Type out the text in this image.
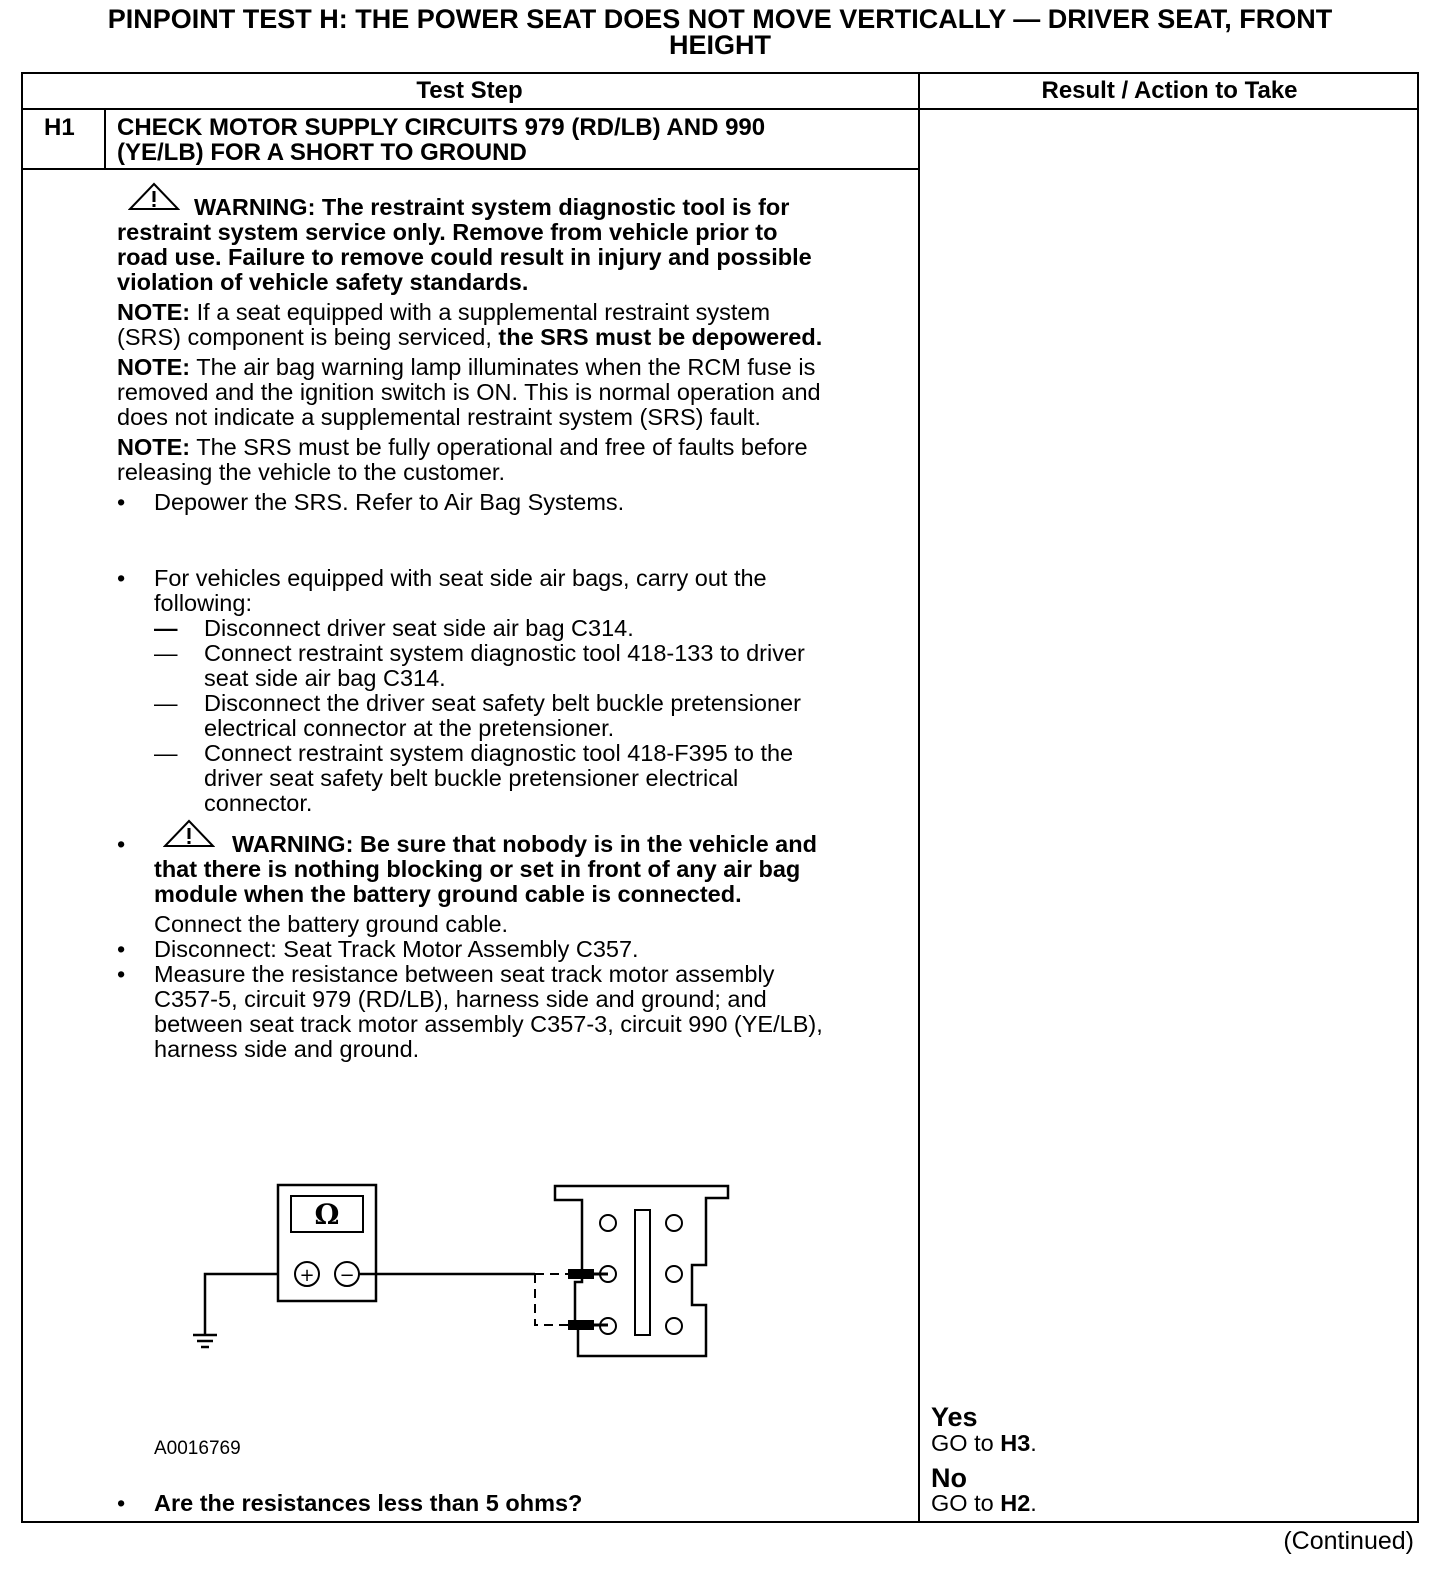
PINPOINT TEST H: THE POWER SEAT DOES NOT MOVE VERTICALLY — DRIVER SEAT, FRONT
HEIGHT
Test Step	Result / Action to Take
H1 CHECK MOTOR SUPPLY CIRCUITS 979 (RD/LB) AND 990
(YE/LB) FOR A SHORT TO GROUND
WARNING: The restraint system diagnostic tool is for
restraint system service only. Remove from vehicle prior to
road use. Failure to remove could result in injury and possible
violation of vehicle safety standards.
NOTE: If a seat equipped with a supplemental restraint system
(SRS) component is being serviced, the SRS must be depowered.
NOTE: The air bag warning lamp illuminates when the RCM fuse is
removed and the ignition switch is ON. This is normal operation and
does not indicate a supplemental restraint system (SRS) fault.
NOTE: The SRS must be fully operational and free of faults before
releasing the vehicle to the customer.
• Depower the SRS. Refer to Air Bag Systems.
• For vehicles equipped with seat side air bags, carry out the
following:
— Disconnect driver seat side air bag C314.
— Connect restraint system diagnostic tool 418-133 to driver
seat side air bag C314.
— Disconnect the driver seat safety belt buckle pretensioner
electrical connector at the pretensioner.
— Connect restraint system diagnostic tool 418-F395 to the
driver seat safety belt buckle pretensioner electrical
connector.
•	WARNING: Be sure that nobody is in the vehicle and
that there is nothing blocking or set in front of any air bag
module when the battery ground cable is connected.
Connect the battery ground cable.
• Disconnect: Seat Track Motor Assembly C357.
• Measure the resistance between seat track motor assembly
C357-5, circuit 979 (RD/LB), harness side and ground; and
between seat track motor assembly C357-3, circuit 990 (YE/LB),
harness side and ground.
Ω
+ −
A0016769
• Are the resistances less than 5 ohms?
Yes
GO to H3.
No
GO to H2.
(Continued)
